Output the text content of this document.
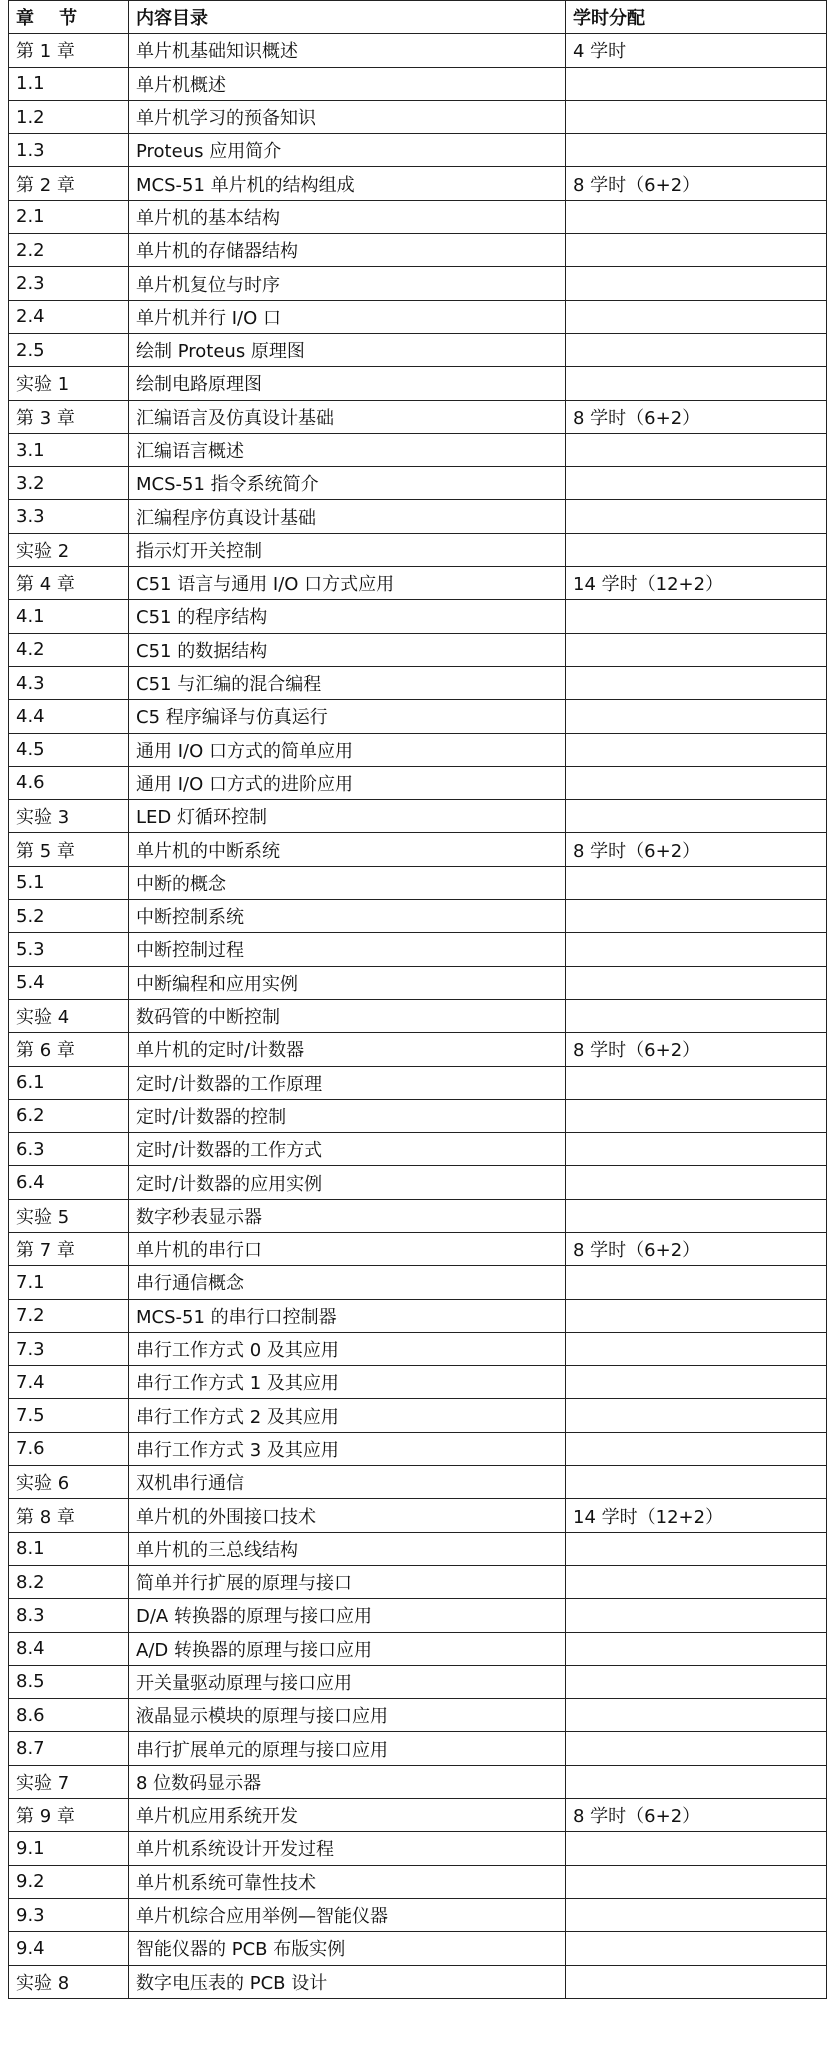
章    节	内容目录	学时分配
第 1 章	单片机基础知识概述	4 学时
1.1	单片机概述	
1.2	单片机学习的预备知识	
1.3	Proteus 应用简介	
第 2 章	MCS-51 单片机的结构组成	8 学时（6+2）
2.1	单片机的基本结构	
2.2	单片机的存储器结构	
2.3	单片机复位与时序	
2.4	单片机并行 I/O 口	
2.5	绘制 Proteus 原理图	
实验 1	绘制电路原理图	
第 3 章	汇编语言及仿真设计基础	8 学时（6+2）
3.1	汇编语言概述	
3.2	MCS-51 指令系统简介	
3.3	汇编程序仿真设计基础	
实验 2	指示灯开关控制	
第 4 章	C51 语言与通用 I/O 口方式应用	14 学时（12+2）
4.1	C51 的程序结构	
4.2	C51 的数据结构	
4.3	C51 与汇编的混合编程	
4.4	C5 程序编译与仿真运行	
4.5	通用 I/O 口方式的简单应用	
4.6	通用 I/O 口方式的进阶应用	
实验 3	LED 灯循环控制	
第 5 章	单片机的中断系统	8 学时（6+2）
5.1	中断的概念	
5.2	中断控制系统	
5.3	中断控制过程	
5.4	中断编程和应用实例	
实验 4	数码管的中断控制	
第 6 章	单片机的定时/计数器	8 学时（6+2）
6.1	定时/计数器的工作原理	
6.2	定时/计数器的控制	
6.3	定时/计数器的工作方式	
6.4	定时/计数器的应用实例	
实验 5	数字秒表显示器	
第 7 章	单片机的串行口	8 学时（6+2）
7.1	串行通信概念	
7.2	MCS-51 的串行口控制器	
7.3	串行工作方式 0 及其应用	
7.4	串行工作方式 1 及其应用	
7.5	串行工作方式 2 及其应用	
7.6	串行工作方式 3 及其应用	
实验 6	双机串行通信	
第 8 章	单片机的外围接口技术	14 学时（12+2）
8.1	单片机的三总线结构	
8.2	简单并行扩展的原理与接口	
8.3	D/A 转换器的原理与接口应用	
8.4	A/D 转换器的原理与接口应用	
8.5	开关量驱动原理与接口应用	
8.6	液晶显示模块的原理与接口应用	
8.7	串行扩展单元的原理与接口应用	
实验 7	8 位数码显示器	
第 9 章	单片机应用系统开发	8 学时（6+2）
9.1	单片机系统设计开发过程	
9.2	单片机系统可靠性技术	
9.3	单片机综合应用举例—智能仪器	
9.4	智能仪器的 PCB 布版实例	
实验 8	数字电压表的 PCB 设计	
